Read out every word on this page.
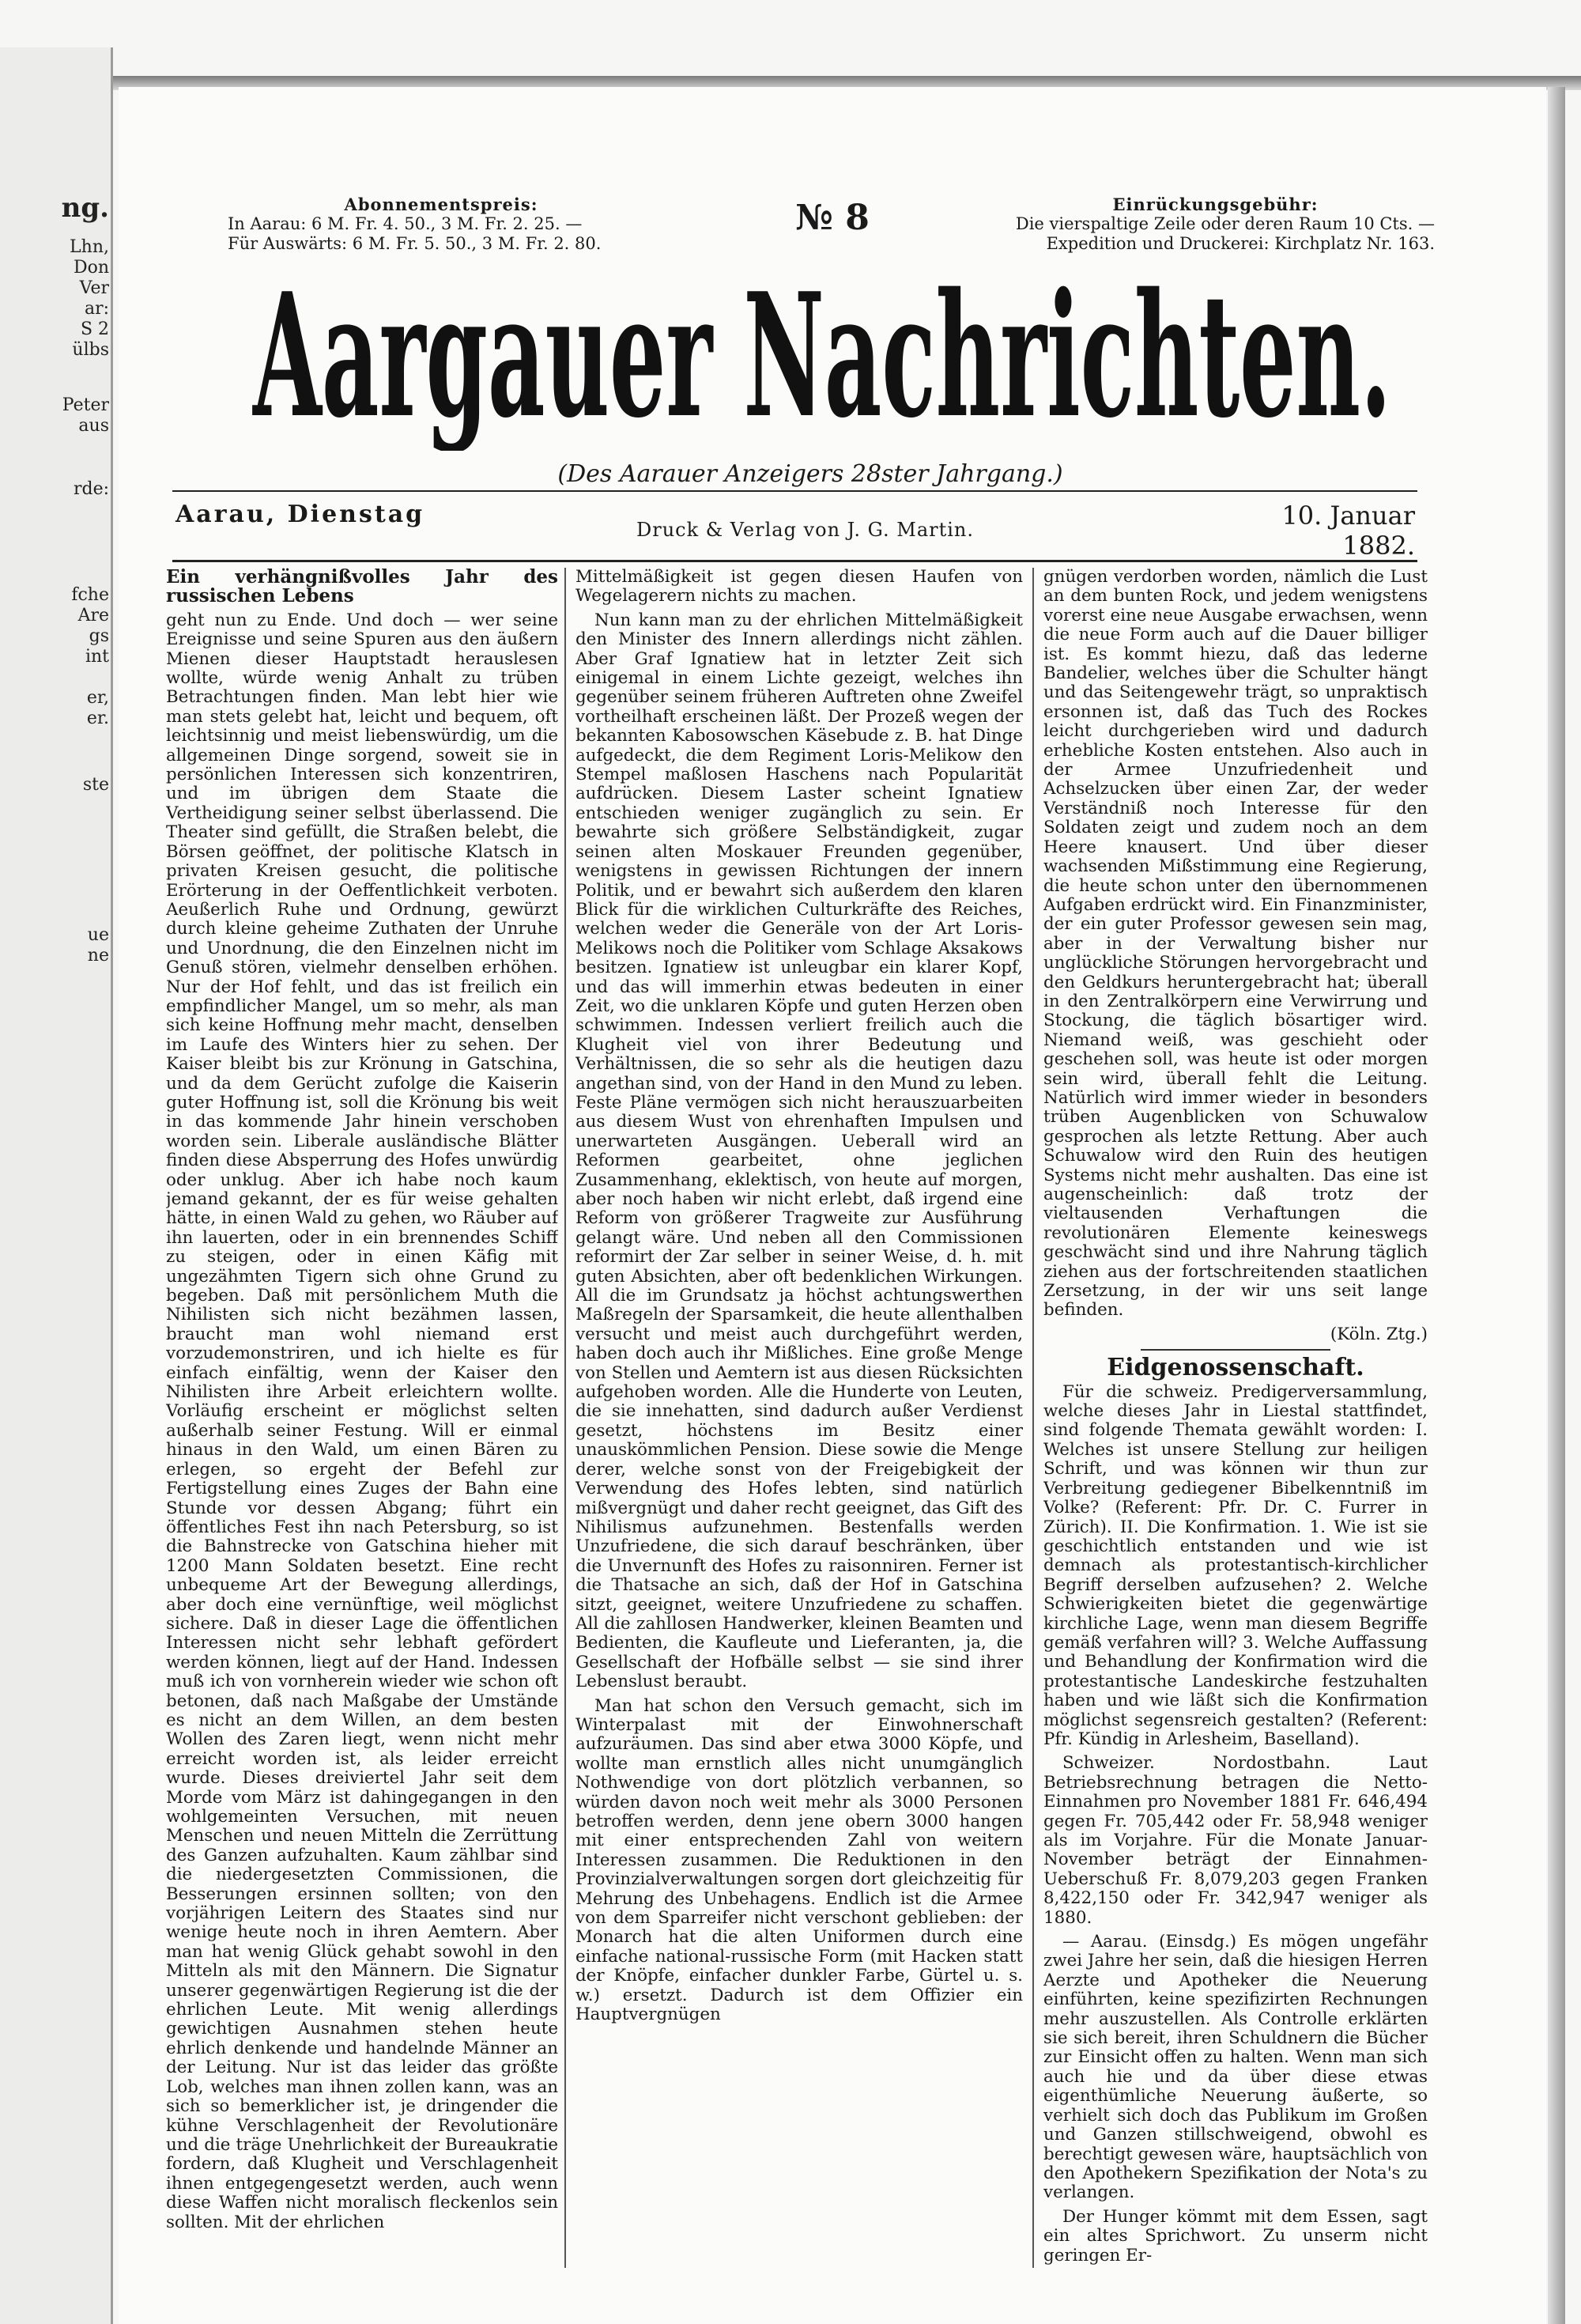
ng.
Lhn,
Don
Ver
ar:
S 2
ülbs
Peter
aus
rde:
fche
Are
gs
int
er,
er.
ste
ue
ne
Abonnementspreis:
In Aarau: 6 M. Fr. 4. 50., 3 M. Fr. 2. 25. —
Für Auswärts: 6 M. Fr. 5. 50., 3 M. Fr. 2. 80.
№ 8	Einrückungsgebühr:
Die vierspaltige Zeile oder deren Raum 10 Cts. —
Expedition und Druckerei: Kirchplatz Nr. 163.
Aargauer Nachrichten.
(Des Aarauer Anzeigers 28ster Jahrgang.)
Aarau, Dienstag
Druck & Verlag von J. G. Martin.	10. Januar 1882.

Ein verhängnißvolles Jahr des russischen Lebens

geht nun zu Ende. Und doch — wer seine Ereignisse und seine Spuren aus den äußern Mienen dieser Hauptstadt herauslesen wollte, würde wenig Anhalt zu trüben Betrachtungen finden. Man lebt hier wie man stets gelebt hat, leicht und bequem, oft leichtsinnig und meist liebenswürdig, um die allgemeinen Dinge sorgend, soweit sie in persönlichen Interessen sich konzentriren, und im übrigen dem Staate die Vertheidigung seiner selbst überlassend. Die Theater sind gefüllt, die Straßen belebt, die Börsen geöffnet, der politische Klatsch in privaten Kreisen gesucht, die politische Erörterung in der Oeffentlichkeit verboten. Aeußerlich Ruhe und Ordnung, gewürzt durch kleine geheime Zuthaten der Unruhe und Unordnung, die den Einzelnen nicht im Genuß stören, vielmehr denselben erhöhen. Nur der Hof fehlt, und das ist freilich ein empfindlicher Mangel, um so mehr, als man sich keine Hoffnung mehr macht, denselben im Laufe des Winters hier zu sehen. Der Kaiser bleibt bis zur Krönung in Gatschina, und da dem Gerücht zufolge die Kaiserin guter Hoffnung ist, soll die Krönung bis weit in das kommende Jahr hinein verschoben worden sein. Liberale ausländische Blätter finden diese Absperrung des Hofes unwürdig oder unklug. Aber ich habe noch kaum jemand gekannt, der es für weise gehalten hätte, in einen Wald zu gehen, wo Räuber auf ihn lauerten, oder in ein brennendes Schiff zu steigen, oder in einen Käfig mit ungezähmten Tigern sich ohne Grund zu begeben. Daß mit persönlichem Muth die Nihilisten sich nicht bezähmen lassen, braucht man wohl niemand erst vorzudemonstriren, und ich hielte es für einfach einfältig, wenn der Kaiser den Nihilisten ihre Arbeit erleichtern wollte. Vorläufig erscheint er möglichst selten außerhalb seiner Festung. Will er einmal hinaus in den Wald, um einen Bären zu erlegen, so ergeht der Befehl zur Fertigstellung eines Zuges der Bahn eine Stunde vor dessen Abgang; führt ein öffentliches Fest ihn nach Petersburg, so ist die Bahnstrecke von Gatschina hieher mit 1200 Mann Soldaten besetzt. Eine recht unbequeme Art der Bewegung allerdings, aber doch eine vernünftige, weil möglichst sichere. Daß in dieser Lage die öffentlichen Interessen nicht sehr lebhaft gefördert werden können, liegt auf der Hand. Indessen muß ich von vornherein wieder wie schon oft betonen, daß nach Maßgabe der Umstände es nicht an dem Willen, an dem besten Wollen des Zaren liegt, wenn nicht mehr erreicht worden ist, als leider erreicht wurde. Dieses dreiviertel Jahr seit dem Morde vom März ist dahingegangen in den wohlgemeinten Versuchen, mit neuen Menschen und neuen Mitteln die Zerrüttung des Ganzen aufzuhalten. Kaum zählbar sind die niedergesetzten Commissionen, die Besserungen ersinnen sollten; von den vorjährigen Leitern des Staates sind nur wenige heute noch in ihren Aemtern. Aber man hat wenig Glück gehabt sowohl in den Mitteln als mit den Männern. Die Signatur unserer gegenwärtigen Regierung ist die der ehrlichen Leute. Mit wenig allerdings gewichtigen Ausnahmen stehen heute ehrlich denkende und handelnde Männer an der Leitung. Nur ist das leider das größte Lob, welches man ihnen zollen kann, was an sich so bemerklicher ist, je dringender die kühne Verschlagenheit der Revolutionäre und die träge Unehrlichkeit der Bureaukratie fordern, daß Klugheit und Verschlagenheit ihnen entgegengesetzt werden, auch wenn diese Waffen nicht moralisch fleckenlos sein sollten. Mit der ehrlichen

Mittelmäßigkeit ist gegen diesen Haufen von Wegelagerern nichts zu machen.

Nun kann man zu der ehrlichen Mittelmäßigkeit den Minister des Innern allerdings nicht zählen. Aber Graf Ignatiew hat in letzter Zeit sich einigemal in einem Lichte gezeigt, welches ihn gegenüber seinem früheren Auftreten ohne Zweifel vortheilhaft erscheinen läßt. Der Prozeß wegen der bekannten Kabosowschen Käsebude z. B. hat Dinge aufgedeckt, die dem Regiment Loris-Melikow den Stempel maßlosen Haschens nach Popularität aufdrücken. Diesem Laster scheint Ignatiew entschieden weniger zugänglich zu sein. Er bewahrte sich größere Selbständigkeit, zugar seinen alten Moskauer Freunden gegenüber, wenigstens in gewissen Richtungen der innern Politik, und er bewahrt sich außerdem den klaren Blick für die wirklichen Culturkräfte des Reiches, welchen weder die Generäle von der Art Loris-Melikows noch die Politiker vom Schlage Aksakows besitzen. Ignatiew ist unleugbar ein klarer Kopf, und das will immerhin etwas bedeuten in einer Zeit, wo die unklaren Köpfe und guten Herzen oben schwimmen. Indessen verliert freilich auch die Klugheit viel von ihrer Bedeutung und Verhältnissen, die so sehr als die heutigen dazu angethan sind, von der Hand in den Mund zu leben. Feste Pläne vermögen sich nicht herauszuarbeiten aus diesem Wust von ehrenhaften Impulsen und unerwarteten Ausgängen. Ueberall wird an Reformen gearbeitet, ohne jeglichen Zusammenhang, eklektisch, von heute auf morgen, aber noch haben wir nicht erlebt, daß irgend eine Reform von größerer Tragweite zur Ausführung gelangt wäre. Und neben all den Commissionen reformirt der Zar selber in seiner Weise, d. h. mit guten Absichten, aber oft bedenklichen Wirkungen. All die im Grundsatz ja höchst achtungswerthen Maßregeln der Sparsamkeit, die heute allenthalben versucht und meist auch durchgeführt werden, haben doch auch ihr Mißliches. Eine große Menge von Stellen und Aemtern ist aus diesen Rücksichten aufgehoben worden. Alle die Hunderte von Leuten, die sie innehatten, sind dadurch außer Verdienst gesetzt, höchstens im Besitz einer unauskömmlichen Pension. Diese sowie die Menge derer, welche sonst von der Freigebigkeit der Verwendung des Hofes lebten, sind natürlich mißvergnügt und daher recht geeignet, das Gift des Nihilismus aufzunehmen. Bestenfalls werden Unzufriedene, die sich darauf beschränken, über die Unvernunft des Hofes zu raisonniren. Ferner ist die Thatsache an sich, daß der Hof in Gatschina sitzt, geeignet, weitere Unzufriedene zu schaffen. All die zahllosen Handwerker, kleinen Beamten und Bedienten, die Kaufleute und Lieferanten, ja, die Gesellschaft der Hofbälle selbst — sie sind ihrer Lebenslust beraubt.

Man hat schon den Versuch gemacht, sich im Winterpalast mit der Einwohnerschaft aufzuräumen. Das sind aber etwa 3000 Köpfe, und wollte man ernstlich alles nicht unumgänglich Nothwendige von dort plötzlich verbannen, so würden davon noch weit mehr als 3000 Personen betroffen werden, denn jene obern 3000 hangen mit einer entsprechenden Zahl von weitern Interessen zusammen. Die Reduktionen in den Provinzialverwaltungen sorgen dort gleichzeitig für Mehrung des Unbehagens. Endlich ist die Armee von dem Sparreifer nicht verschont geblieben: der Monarch hat die alten Uniformen durch eine einfache national-russische Form (mit Hacken statt der Knöpfe, einfacher dunkler Farbe, Gürtel u. s. w.) ersetzt. Dadurch ist dem Offizier ein Hauptvergnügen

gnügen verdorben worden, nämlich die Lust an dem bunten Rock, und jedem wenigstens vorerst eine neue Ausgabe erwachsen, wenn die neue Form auch auf die Dauer billiger ist. Es kommt hiezu, daß das lederne Bandelier, welches über die Schulter hängt und das Seitengewehr trägt, so unpraktisch ersonnen ist, daß das Tuch des Rockes leicht durchgerieben wird und dadurch erhebliche Kosten entstehen. Also auch in der Armee Unzufriedenheit und Achselzucken über einen Zar, der weder Verständniß noch Interesse für den Soldaten zeigt und zudem noch an dem Heere knausert. Und über dieser wachsenden Mißstimmung eine Regierung, die heute schon unter den übernommenen Aufgaben erdrückt wird. Ein Finanzminister, der ein guter Professor gewesen sein mag, aber in der Verwaltung bisher nur unglückliche Störungen hervorgebracht und den Geldkurs heruntergebracht hat; überall in den Zentralkörpern eine Verwirrung und Stockung, die täglich bösartiger wird. Niemand weiß, was geschieht oder geschehen soll, was heute ist oder morgen sein wird, überall fehlt die Leitung. Natürlich wird immer wieder in besonders trüben Augenblicken von Schuwalow gesprochen als letzte Rettung. Aber auch Schuwalow wird den Ruin des heutigen Systems nicht mehr aushalten. Das eine ist augenscheinlich: daß trotz der vieltausenden Verhaftungen die revolutionären Elemente keineswegs geschwächt sind und ihre Nahrung täglich ziehen aus der fortschreitenden staatlichen Zersetzung, in der wir uns seit lange befinden.

(Köln. Ztg.)

Eidgenossenschaft.

Für die schweiz. Predigerversammlung, welche dieses Jahr in Liestal stattfindet, sind folgende Themata gewählt worden: I. Welches ist unsere Stellung zur heiligen Schrift, und was können wir thun zur Verbreitung gediegener Bibelkenntniß im Volke? (Referent: Pfr. Dr. C. Furrer in Zürich). II. Die Konfirmation. 1. Wie ist sie geschichtlich entstanden und wie ist demnach als protestantisch-kirchlicher Begriff derselben aufzusehen? 2. Welche Schwierigkeiten bietet die gegenwärtige kirchliche Lage, wenn man diesem Begriffe gemäß verfahren will? 3. Welche Auffassung und Behandlung der Konfirmation wird die protestantische Landeskirche festzuhalten haben und wie läßt sich die Konfirmation möglichst segensreich gestalten? (Referent: Pfr. Kündig in Arlesheim, Baselland).

Schweizer. Nordostbahn. Laut Betriebsrechnung betragen die Netto-Einnahmen pro November 1881 Fr. 646,494 gegen Fr. 705,442 oder Fr. 58,948 weniger als im Vorjahre. Für die Monate Januar-November beträgt der Einnahmen-Ueberschuß Fr. 8,079,203 gegen Franken 8,422,150 oder Fr. 342,947 weniger als 1880.

— Aarau. (Einsdg.) Es mögen ungefähr zwei Jahre her sein, daß die hiesigen Herren Aerzte und Apotheker die Neuerung einführten, keine spezifizirten Rechnungen mehr auszustellen. Als Controlle erklärten sie sich bereit, ihren Schuldnern die Bücher zur Einsicht offen zu halten. Wenn man sich auch hie und da über diese etwas eigenthümliche Neuerung äußerte, so verhielt sich doch das Publikum im Großen und Ganzen stillschweigend, obwohl es berechtigt gewesen wäre, hauptsächlich von den Apothekern Spezifikation der Nota's zu verlangen.

Der Hunger kömmt mit dem Essen, sagt ein altes Sprichwort. Zu unserm nicht geringen Er-
